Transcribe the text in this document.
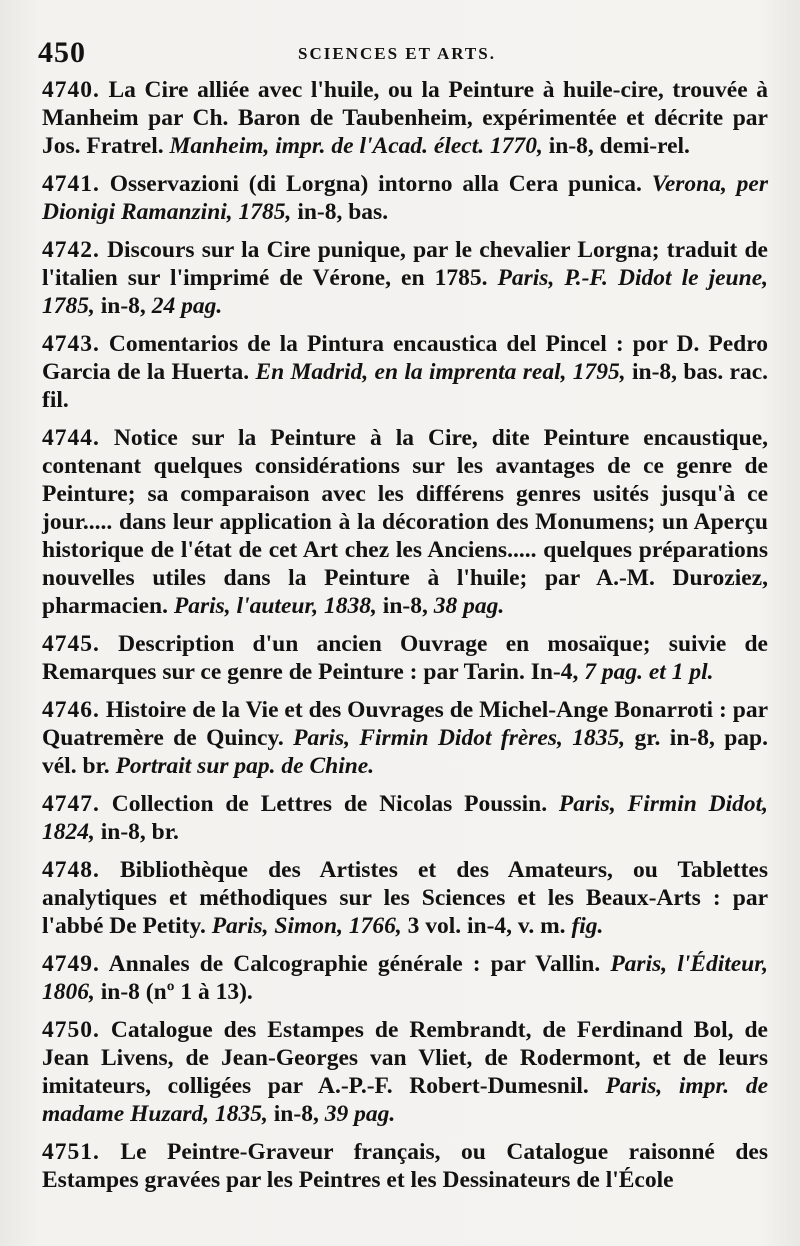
450	SCIENCES ET ARTS.

4740. La Cire alliée avec l'huile, ou la Peinture à huile-cire, trouvée à Manheim par Ch. Baron de Taubenheim, expérimentée et décrite par Jos. Fratrel. Manheim, impr. de l'Acad. élect. 1770, in-8, demi-rel.

4741. Osservazioni (di Lorgna) intorno alla Cera punica. Verona, per Dionigi Ramanzini, 1785, in-8, bas.

4742. Discours sur la Cire punique, par le chevalier Lorgna; traduit de l'italien sur l'imprimé de Vérone, en 1785. Paris, P.-F. Didot le jeune, 1785, in-8, 24 pag.

4743. Comentarios de la Pintura encaustica del Pincel : por D. Pedro Garcia de la Huerta. En Madrid, en la imprenta real, 1795, in-8, bas. rac. fil.

4744. Notice sur la Peinture à la Cire, dite Peinture encaustique, contenant quelques considérations sur les avantages de ce genre de Peinture; sa comparaison avec les différens genres usités jusqu'à ce jour..... dans leur application à la décoration des Monumens; un Aperçu historique de l'état de cet Art chez les Anciens..... quelques préparations nouvelles utiles dans la Peinture à l'huile; par A.-M. Duroziez, pharmacien. Paris, l'auteur, 1838, in-8, 38 pag.

4745. Description d'un ancien Ouvrage en mosaïque; suivie de Remarques sur ce genre de Peinture : par Tarin. In-4, 7 pag. et 1 pl.

4746. Histoire de la Vie et des Ouvrages de Michel-Ange Bonarroti : par Quatremère de Quincy. Paris, Firmin Didot frères, 1835, gr. in-8, pap. vél. br. Portrait sur pap. de Chine.

4747. Collection de Lettres de Nicolas Poussin. Paris, Firmin Didot, 1824, in-8, br.

4748. Bibliothèque des Artistes et des Amateurs, ou Tablettes analytiques et méthodiques sur les Sciences et les Beaux-Arts : par l'abbé De Petity. Paris, Simon, 1766, 3 vol. in-4, v. m. fig.

4749. Annales de Calcographie générale : par Vallin. Paris, l'Éditeur, 1806, in-8 (nº 1 à 13).

4750. Catalogue des Estampes de Rembrandt, de Ferdinand Bol, de Jean Livens, de Jean-Georges van Vliet, de Rodermont, et de leurs imitateurs, colligées par A.-P.-F. Robert-Dumesnil. Paris, impr. de madame Huzard, 1835, in-8, 39 pag.

4751. Le Peintre-Graveur français, ou Catalogue raisonné des Estampes gravées par les Peintres et les Dessinateurs de l'École
